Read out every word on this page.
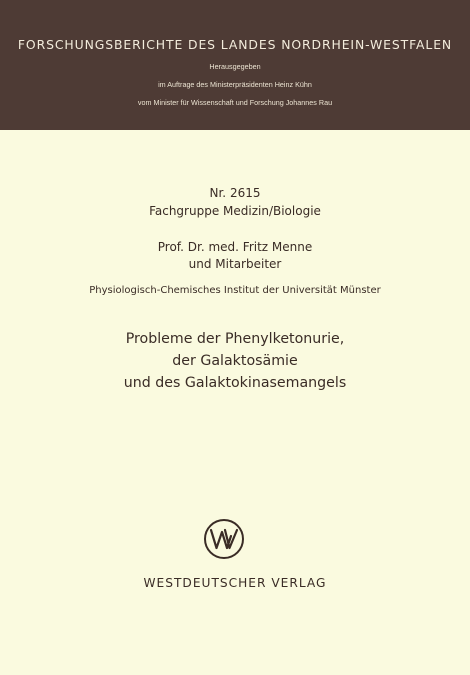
FORSCHUNGSBERICHTE DES LANDES NORDRHEIN-WESTFALEN
Herausgegeben
im Auftrage des Ministerpräsidenten Heinz Kühn
vom Minister für Wissenschaft und Forschung Johannes Rau
Nr. 2615
Fachgruppe Medizin/Biologie
Prof. Dr. med. Fritz Menne
und Mitarbeiter
Physiologisch-Chemisches Institut der Universität Münster
Probleme der Phenylketonurie,
der Galaktosämie
und des Galaktokinasemangels
WESTDEUTSCHER VERLAG
